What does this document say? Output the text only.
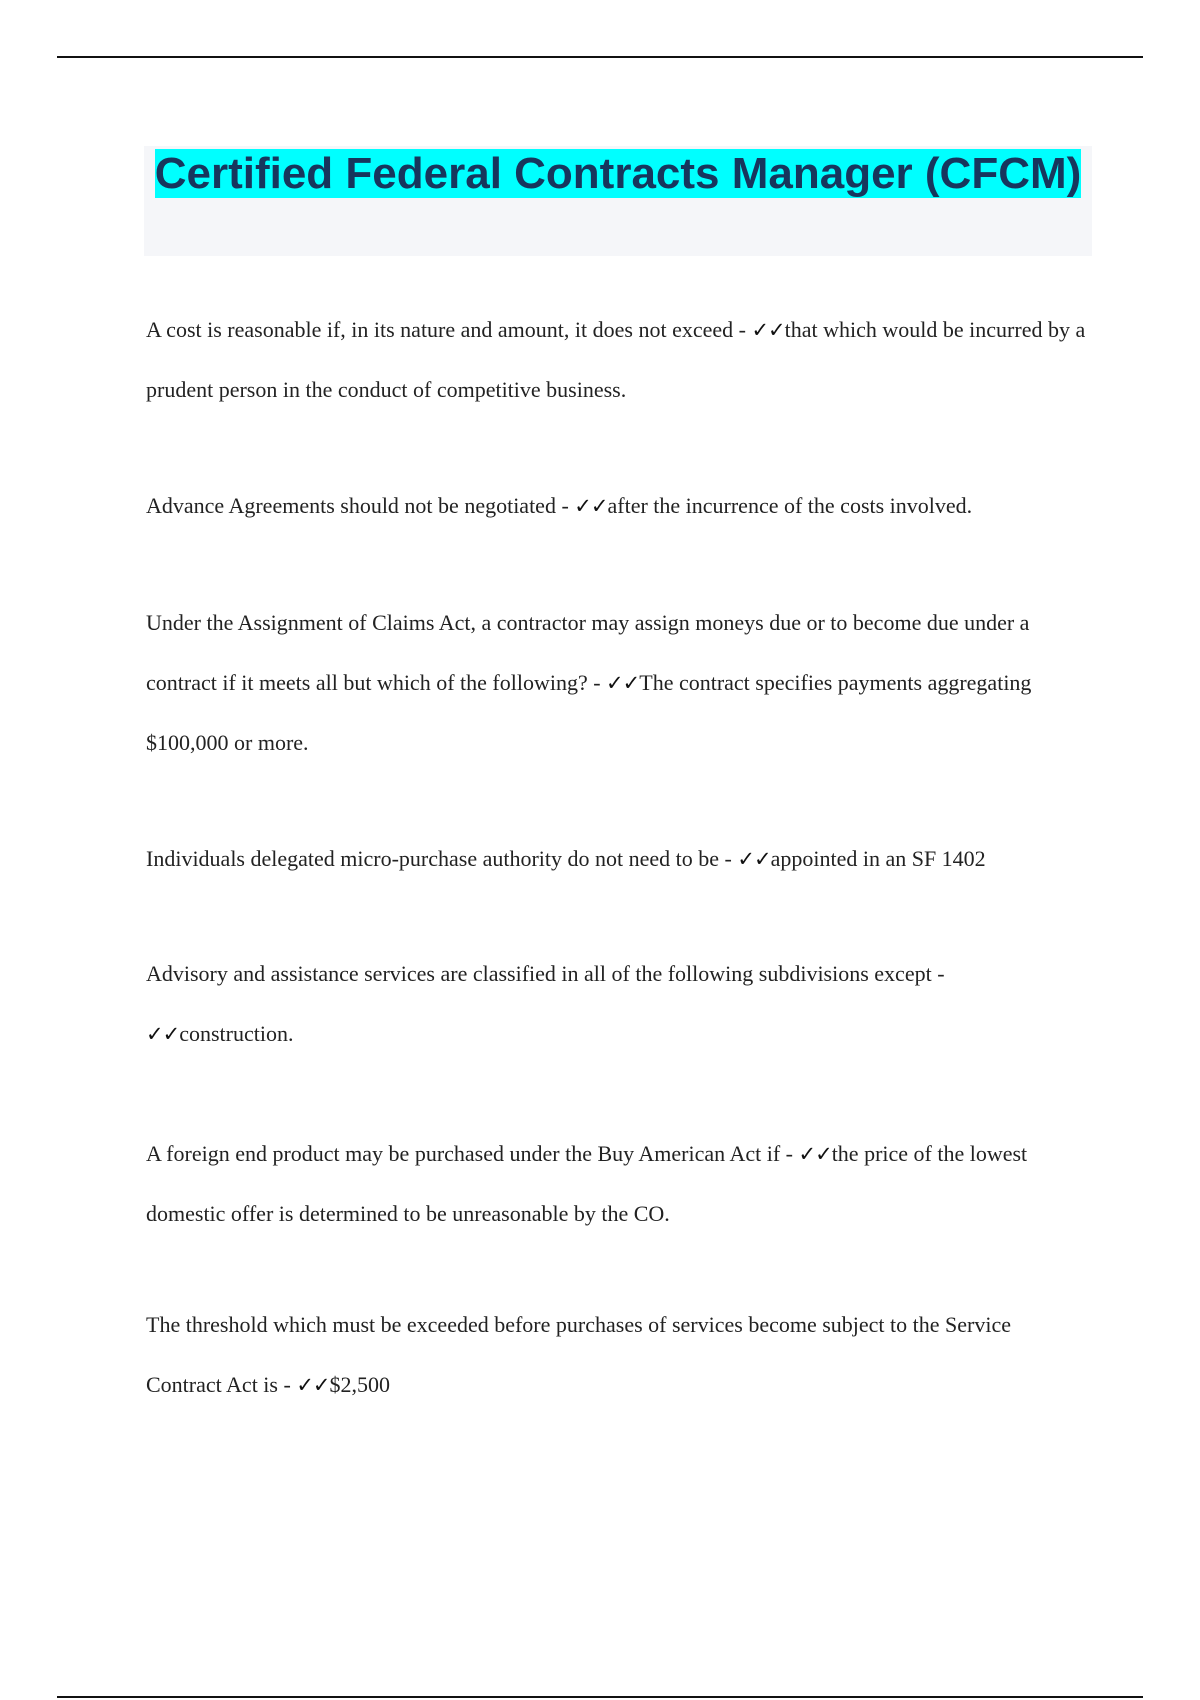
Certified Federal Contracts Manager (CFCM)

A cost is reasonable if, in its nature and amount, it does not exceed - ✓✓that which would be incurred by a prudent person in the conduct of competitive business.

Advance Agreements should not be negotiated - ✓✓after the incurrence of the costs involved.

Under the Assignment of Claims Act, a contractor may assign moneys due or to become due under a contract if it meets all but which of the following? - ✓✓The contract specifies payments aggregating $100,000 or more.

Individuals delegated micro-purchase authority do not need to be - ✓✓appointed in an SF 1402

Advisory and assistance services are classified in all of the following subdivisions except - ✓✓construction.

A foreign end product may be purchased under the Buy American Act if - ✓✓the price of the lowest domestic offer is determined to be unreasonable by the CO.

The threshold which must be exceeded before purchases of services become subject to the Service Contract Act is - ✓✓$2,500
